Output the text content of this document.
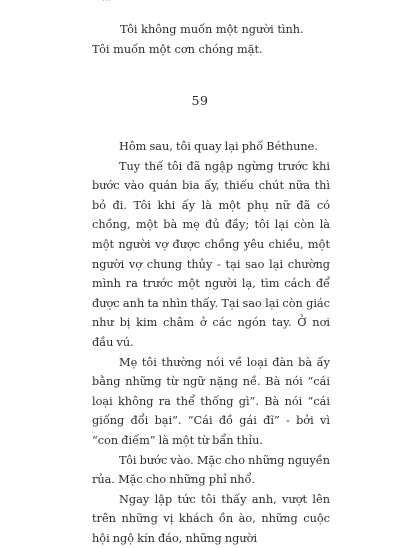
Tôi không muốn một người tình. Tôi muốn một cơn chóng mặt.

59

Hôm sau, tôi quay lại phố Béthune.

Tuy thế tôi đã ngập ngừng trước khi bước vào quán bia ấy, thiếu chút nữa thì bỏ đi. Tôi khi ấy là một phụ nữ đã có chồng, một bà mẹ đủ đầy; tôi lại còn là một người vợ được chồng yêu chiều, một người vợ chung thủy - tại sao lại chường mình ra trước một người lạ, tìm cách để được anh ta nhìn thấy. Tại sao lại còn giác như bị kim châm ở các ngón tay. Ở nơi đầu vú.

Mẹ tôi thường nói về loại đàn bà ấy bằng những từ ngữ nặng nề. Bà nói “cái loại không ra thể thống gì”. Bà nói “cái giống đổi bại”. “Cái đồ gái đĩ” - bởi vì “con điếm” là một từ bẩn thỉu.

Tôi bước vào. Mặc cho những nguyền rủa. Mặc cho những phỉ nhổ.

Ngay lập tức tôi thấy anh, vượt lên trên những vị khách ồn ào, những cuộc hội ngộ kín đáo, những người
